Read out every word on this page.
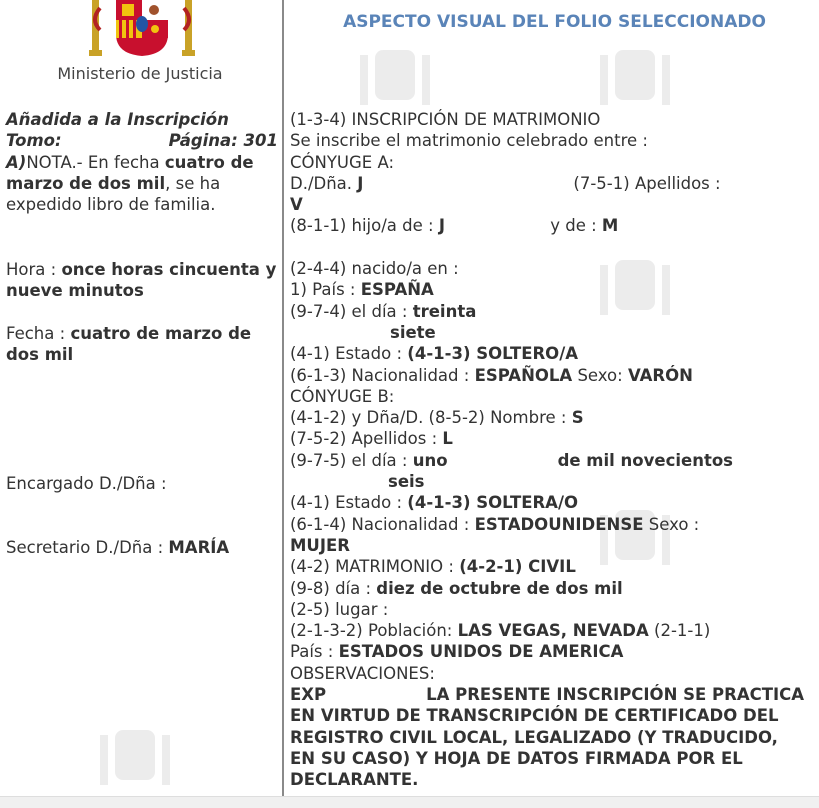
Ministerio de Justicia
Añadida a la Inscripción
Tomo:	Página: 301
A)NOTA.- En fecha cuatro de marzo de dos mil, se ha expedido libro de familia.
Hora : once horas cincuenta y nueve minutos
Fecha : cuatro de marzo de dos mil
Encargado D./Dña :
Secretario D./Dña : MARÍA
ASPECTO VISUAL DEL FOLIO SELECCIONADO
(1-3-4) INSCRIPCIÓN DE MATRIMONIO
Se inscribe el matrimonio celebrado entre :
CÓNYUGE A:
D./Dña. J	(7-5-1) Apellidos :
V
(8-1-1) hijo/a de : J	y de : M
(2-4-4) nacido/a en :
1) País : ESPAÑA
(9-7-4) el día : treinta
siete
(4-1) Estado : (4-1-3) SOLTERO/A
(6-1-3) Nacionalidad : ESPAÑOLA Sexo: VARÓN
CÓNYUGE B:
(4-1-2) y Dña/D. (8-5-2) Nombre : S
(7-5-2) Apellidos : L
(9-7-5) el día : uno	de mil novecientos
seis
(4-1) Estado : (4-1-3) SOLTERA/O
(6-1-4) Nacionalidad : ESTADOUNIDENSE Sexo :
MUJER
(4-2) MATRIMONIO : (4-2-1) CIVIL
(9-8) día : diez de octubre de dos mil
(2-5) lugar :
(2-1-3-2) Población: LAS VEGAS, NEVADA (2-1-1)
País : ESTADOS UNIDOS DE AMERICA
OBSERVACIONES:
EXP	LA PRESENTE INSCRIPCIÓN SE PRACTICA EN VIRTUD DE TRANSCRIPCIÓN DE CERTIFICADO DEL REGISTRO CIVIL LOCAL, LEGALIZADO (Y TRADUCIDO, EN SU CASO) Y HOJA DE DATOS FIRMADA POR EL DECLARANTE.
